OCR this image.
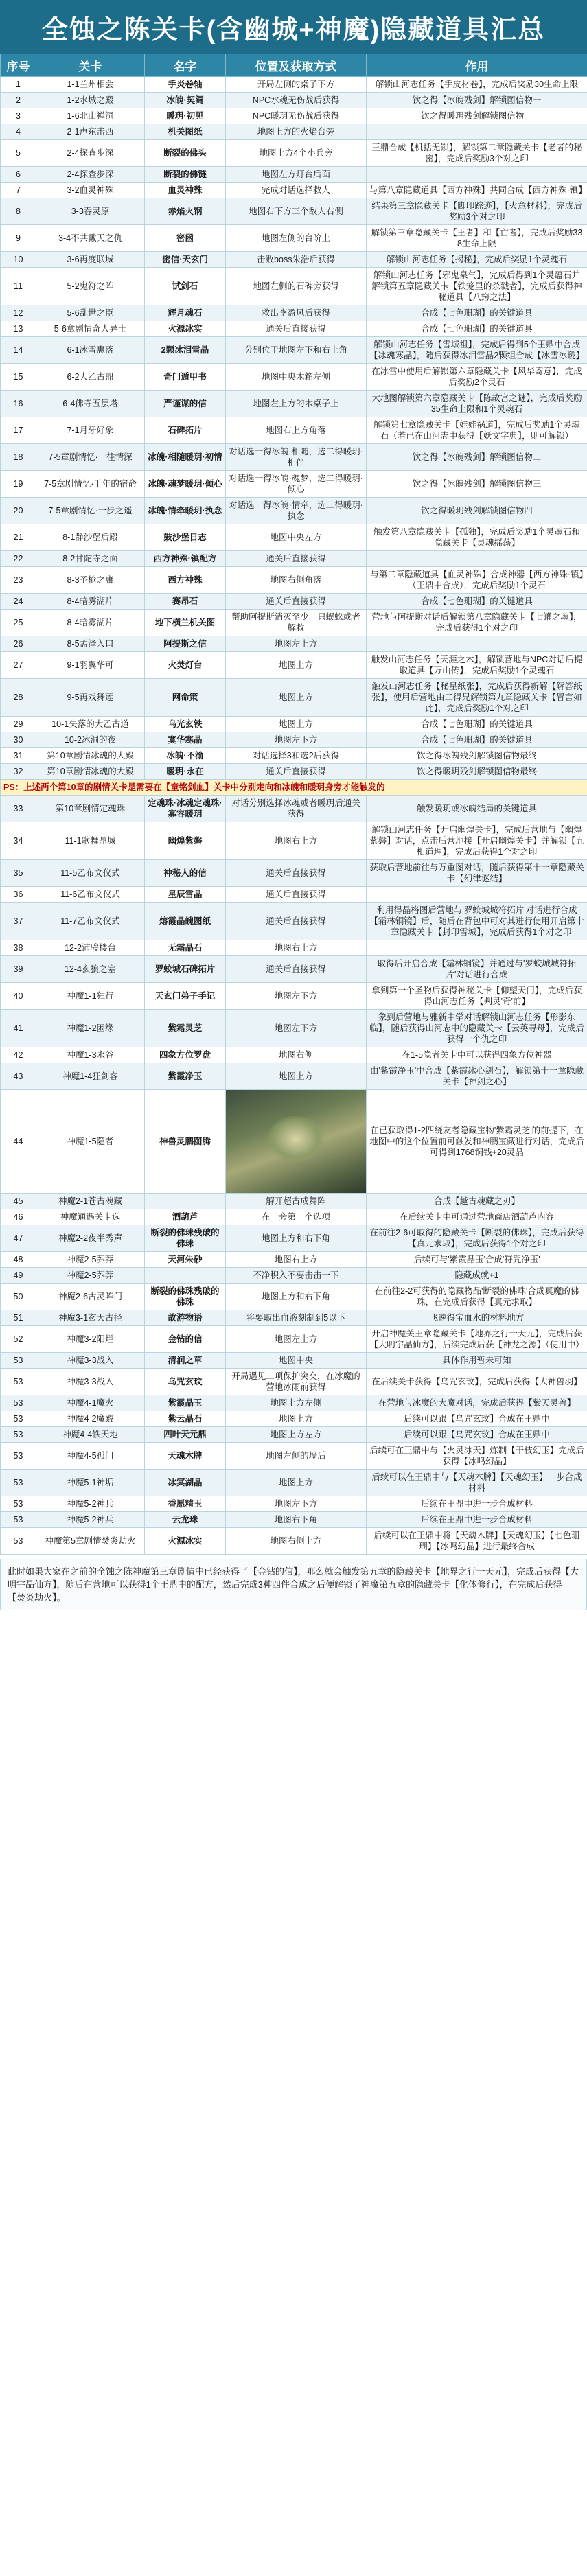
全蚀之陈关卡(含幽城+神魔)隐藏道具汇总
序号	关卡	名字	位置及获取方式	作用
1	1-1兰州相会	手炎卷轴	开局左侧的桌子下方	解锁山河志任务【手皮材卷】，完成后奖励30生命上限
2	1-2水城之殿	冰魄·契阔	NPC水魂无伤战后获得	饮之得【冰魄残剑】解锁图信物一
3	1-6北山禅洞	暖玥·初见	NPC暖玥无伤战后获得	饮之得暖玥残剑解锁图信物一
4	2-1声东击西	机关图纸	地图上方的火焰台旁	
5	2-4探查步深	断裂的佛头	地图上方4个小兵旁	王鼎合成【机括无锁】，解锁第二章隐藏关卡【老者的秘密】，完成后奖励3个对之印
6	2-4探查步深	断裂的佛链	地图左方灯台后面	
7	3-2血灵神殊	血灵神殊	完成对话选择救人	与第八章隐藏道具【西方神殊】共同合成【西方神殊·镇】
8	3-3吞灵原	赤焰火钢	地图右下方三个敌人右侧	结果第三章隐藏关卡【脚印踪迹】，【火意材料】，完成后奖励3个对之印
9	3-4不共戴天之仇	密函	地图左侧的台阶上	解锁第三章隐藏关卡【王者】和【亡者】，完成后奖励338生命上限
10	3-6再度联城	密信·天玄门	击败boss朱浩后获得	解锁山河志任务【揭秘】，完成后奖励1个灵魂石
11	5-2鬼符之阵	试剑石	地图左侧的石碑旁获得	解锁山河志任务【邪鬼泉气】，完成后得到1个灵蕴石并解锁第五章隐藏关卡【铁笼里的杀戮者】，完成后获得神秘道具【八窍之法】
12	5-6乱世之臣	辉月魂石	救出李盈风后获得	合成【七色珊瑚】的关键道具
13	5-6章剧情奇人异士	火源冰实	通关后直接获得	合成【七色珊瑚】的关键道具
14	6-1冰雪惠落	2颗冰泪雪晶	分别位于地图左下和右上角	解锁山河志任务【雪域祖】，完成后得到5个王鼎中合成【冰魂寒晶】，随后获得冰泪雪晶2颗组合成【冰雪冰珑】
15	6-2大乙古鼎	奇门遁甲书	地图中央木箱左侧	在冰雪中使用后解锁第六章隐藏关卡【风华寄意】，完成后奖励2个灵石
16	6-4佛寺五层塔	严谨谋的信	地图左上方的木桌子上	大地图解锁第六章隐藏关卡【陈故宫之谜】，完成后奖励35生命上限和1个灵魂石
17	7-1月牙好象	石碑拓片	地图右上方角落	解锁第七章隐藏关卡【娃娃祸道】，完成后奖励1个灵魂石（若已在山河志中获得【妖文字典】，则可解锁）
18	7-5章剧情忆·一往情深	冰魄·相随暖玥·初情	对话选一得冰魄·相随，选二得暖玥·相伴	饮之得【冰魄残剑】解锁图信物二
19	7-5章剧情忆·千年的宿命	冰魄·魂梦暖玥·倾心	对话选一得冰魄·魂梦，选二得暖玥·倾心	饮之得【冰魄残剑】解锁图信物三
20	7-5章剧情忆·一步之遥	冰魄·情牵暖玥·执念	对话选一得冰魄·情牵，选二得暖玥·执念	饮之得暖玥残剑解锁图信物四
21	8-1静沙堡后殿	鼓沙堡日志	地图中央左方	触发第八章隐藏关卡【孤独】，完成后奖励1个灵魂石和隐藏关卡【灵魂摇荡】
22	8-2甘陀寺之面	西方神殊·镇配方	通关后直接获得	
23	8-3圣枪之庸	西方神殊	地图右侧角落	与第二章隐藏道具【血灵神殊】合成神器【西方神殊·镇】（王鼎中合成），完成后奖励1个灵石
24	8-4暗雾湖片	赛昂石	通关后直接获得	合成【七色珊瑚】的关键道具
25	8-4暗雾湖片	地下横兰机关图	帮助阿提斯消灭至少一只蜈蚣或者解救	营地与阿提斯对话后解锁第八章隐藏关卡【七罐之魂】，完成后获得1个对之印
26	8-5孟泽入口	阿提斯之信	地图左上方	
27	9-1羽翼华可	火焚灯台	地图上方	触发山河志任务【天涯之木】，解锁营地与NPC对话后提取道具【万山传】，完成后奖励1个灵魂石
28	9-5再戏舞莲	网命策	地图上方	触发山河志任务【秘星纸张】，完成后获得新解【解答纸张】，使用后营地由二得兄解锁第九章隐藏关卡【冒言如此】，完成后奖励1个对之印
29	10-1失落的大乙古道	乌光玄铁	地图上方	合成【七色珊瑚】的关键道具
30	10-2冰洞的夜	寞华寒晶	地图左下方	合成【七色珊瑚】的关键道具
31	第10章剧情冰魂的大殿	冰魄·不渝	对话选择3和选2后获得	饮之得冰魄残剑解锁图信物最终
32	第10章剧情冰魂的大殿	暖玥·永在	通关后直接获得	饮之得暖玥残剑解锁图信物最终
PS：上述两个第10章的剧情关卡是需要在【童铭剑血】关卡中分别走向和冰魄和暖玥身旁才能触发的				
33	第10章剧情定魂珠	定魂珠·冰魂定魂珠·寡容暖玥	对话分别选择冰魂或者暖玥后通关获得	触发暖玥或冰魄结局的关键道具
34	11-1歌舞鼎城	幽煌紫磐	地图右上方	解锁山河志任务【开启幽煌关卡】，完成后营地与【幽煌紫磐】对话，点击后营地接【开启幽煌关卡】并解锁【五相道理】，完成后获得1个对之印
35	11-5乙布文仪式	神秘人的信	通关后直接获得	获取后营地前往与万重图对话，随后获得第十一章隐藏关卡【幻律谜结】
36	11-6乙布文仪式	星辰雪晶	通关后直接获得	
37	11-7乙布文仪式	熔霞晶魄图纸	通关后直接获得	利用得晶格图后营地与'罗蛟城城符拓片'对话进行合成【霜林铜镜】后，随后在背包中可对其进行使用开启第十一章隐藏关卡【封印雪城】，完成后获得1个对之印
38	12-2沛骏楼台	无霜晶石	地图右上方	
39	12-4玄狼之塞	罗蛟城石碑拓片	通关后直接获得	取得后开启合成【霜林铜镜】并通过与'罗蛟城城符拓片'对话进行合成
40	神魔1-1独行	天玄门弟子手记	地图左下方	拿到第一个圣物后获得神秘关卡【仰望天门】，完成后获得山河志任务【判灵'奇'前】
41	神魔1-2困缘	紫霜灵芝	地图左下方	象到后营地与雅新中学对话解锁山河志任务【形影东临】，随后获得山河志中的隐藏关卡【云英寻母】，完成后获得一个仇之印
42	神魔1-3永谷	四象方位罗盘	地图右侧	在1-5隐者关卡中可以获得四象方位神器
43	神魔1-4狂剑客	紫霞净玉	地图上方	由'紫霞净玉'中合成【紫霞冰心剑石】，解锁第十一章隐藏关卡【神剑之心】
44	神魔1-5隐者	神兽灵鹏图腾		在已获取得1-2四绕友者隐藏宝物'紫霜灵芝'的前提下，在地图中的这个位置前可触发和神鹏宝藏进行对话，完成后可得到1768铜钱+20灵晶
45	神魔2-1苍古魂藏		解开超古成舞阵	合成【越古魂藏之刃】
46	神魔通遇关卡选	酒葫芦	在一旁第一个选项	在后续关卡中可通过营地商店酒葫芦内容
47	神魔2-2夜半秀声	断裂的佛珠残破的佛珠	地图上方和右下角	在前往2-6可取得的隐藏关卡【断裂的佛珠】，完成后获得【真元求取】，完成后获得1个对之印
48	神魔2-5荞莽	天河朱砂	地图右上方	后续可与'紫霞晶玉'合成'符咒净玉'
49	神魔2-5荞莽		不净积入不要击击一下	隐藏成就+1
50	神魔2-6古灵阵门	断裂的佛珠残破的佛珠	地图上方和右下角	在前往2-2可获得的隐藏物品'断裂的佛珠'合成真魔的佛珠，在完成后获得【真元求取】
51	神魔3-1玄天古径	故游物语	将要取出血液刻制到5以下	飞速得宝血水的材料地方
52	神魔3-2阳烂	金钻的信	地图左上方	开启神魔关王章隐藏关卡【地界之行一天元】，完成后获【大明宇晶仙方】，后续完成后获【神龙之源】（使用中）
53	神魔3-3战入	清润之草	地图中央	具体作用暂未可知
53	神魔3-3战入	乌咒玄玟	开局遇见二项保护突交，在冰魔的营地冰雨前获得	在后续关卡获得【乌咒玄玟】，完成后获得【大神兽羽】
53	神魔4-1魔火	紫霞晶玉	地图上方左侧	在营地与冰魔的大魔对话，完成后获得【紫天灵兽】
53	神魔4-2魔殿	紫云晶石	地图上方	后续可以跟【乌咒玄玟】合成在王鼎中
53	神魔4-4铁天地	四叶天元鼎	地图上方左方	后续可以跟【乌咒玄玟】合成在王鼎中
53	神魔4-5孤门	天魂木牌	地图左侧的墙后	后续可在王鼎中与【火灵冰天】炼制【干枝幻玉】完成后获得【冰鸣幻晶】
53	神魔5-1神垢	冰冥湖晶	地图上方	后续可以在王鼎中与【天魂木牌】【天魂幻玉】一步合成材料
53	神魔5-2神兵	香愿精玉	地图左下方	后续在王鼎中进一步合成材料
53	神魔5-2神兵	云龙珠	地图右下角	后续在王鼎中进一步合成材料
53	神魔第5章剧情焚炎劫火	火源冰实	地图右侧上方	后续可以在王鼎中将【天魂木牌】【天魂幻玉】【七色珊瑚】【冰鸣幻晶】进行最终合成
此时如果大家在之前的全蚀之陈神魔第三章剧情中已经获得了【金钻的信】，那么就会触发第五章的隐藏关卡【地界之行一天元】，完成后获得【大明宇晶仙方】，随后在营地可以获得1个王鼎中的配方，然后完成3种四件合成之后便解锁了神魔第五章的隐藏关卡【化体修行】，在完成后获得【焚炎劫火】。
